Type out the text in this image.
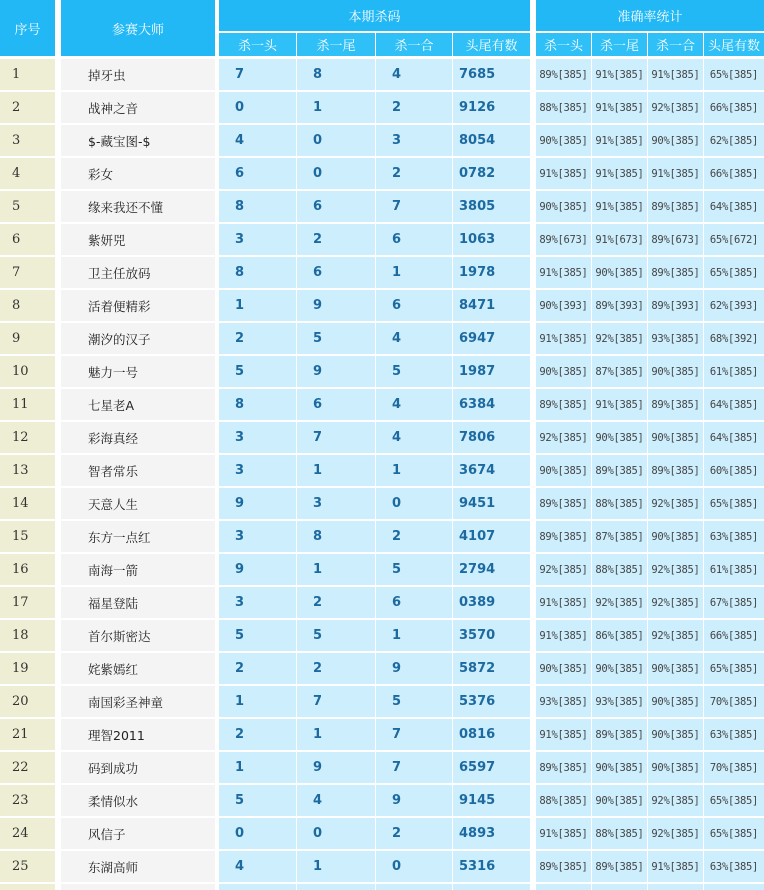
序号	参赛大师
本期杀码	准确率统计
杀一头	杀一尾	杀一合	头尾有数	杀一头	杀一尾	杀一合 头尾有数
1	掉牙虫	7	8	4	7685	89%[385] 91%[385] 91%[385] 65%[385]
2	战神之音	0	1	2	9126	88%[385] 91%[385] 92%[385] 66%[385]
3	$-藏宝图-$	4	0	3	8054	90%[385] 91%[385] 90%[385] 62%[385]
4	彩女	6	0	2	0782	91%[385] 91%[385] 91%[385] 66%[385]
5	缘来我还不懂	8	6	7	3805	90%[385] 91%[385] 89%[385] 64%[385]
6	紫妍兕	3	2	6	1063	89%[673] 91%[673] 89%[673] 65%[672]
7	卫主任放码	8	6	1	1978	91%[385] 90%[385] 89%[385] 65%[385]
8	活着便精彩	1	9	6	8471	90%[393] 89%[393] 89%[393] 62%[393]
9	潮汐的汉子	2	5	4	6947	91%[385] 92%[385] 93%[385] 68%[392]
10	魅力一号	5	9	5	1987	90%[385] 87%[385] 90%[385] 61%[385]
11	七星老A	8	6	4	6384	89%[385] 91%[385] 89%[385] 64%[385]
12	彩海真经	3	7	4	7806	92%[385] 90%[385] 90%[385] 64%[385]
13	智者常乐	3	1	1	3674	90%[385] 89%[385] 89%[385] 60%[385]
14	天意人生	9	3	0	9451	89%[385] 88%[385] 92%[385] 65%[385]
15	东方一点红	3	8	2	4107	89%[385] 87%[385] 90%[385] 63%[385]
16	南海一箭	9	1	5	2794	92%[385] 88%[385] 92%[385] 61%[385]
17	福星登陆	3	2	6	0389	91%[385] 92%[385] 92%[385] 67%[385]
18	首尔斯密达	5	5	1	3570	91%[385] 86%[385] 92%[385] 66%[385]
19	姹紫嫣红	2	2	9	5872	90%[385] 90%[385] 90%[385] 65%[385]
20	南国彩圣神童	1	7	5	5376	93%[385] 93%[385] 90%[385] 70%[385]
21	理智2011	2	1	7	0816	91%[385] 89%[385] 90%[385] 63%[385]
22	码到成功	1	9	7	6597	89%[385] 90%[385] 90%[385] 70%[385]
23	柔情似水	5	4	9	9145	88%[385] 90%[385] 92%[385] 65%[385]
24	风信子	0	0	2	4893	91%[385] 88%[385] 92%[385] 65%[385]
25	东湖高师	4	1	0	5316	89%[385] 89%[385] 91%[385] 63%[385]
